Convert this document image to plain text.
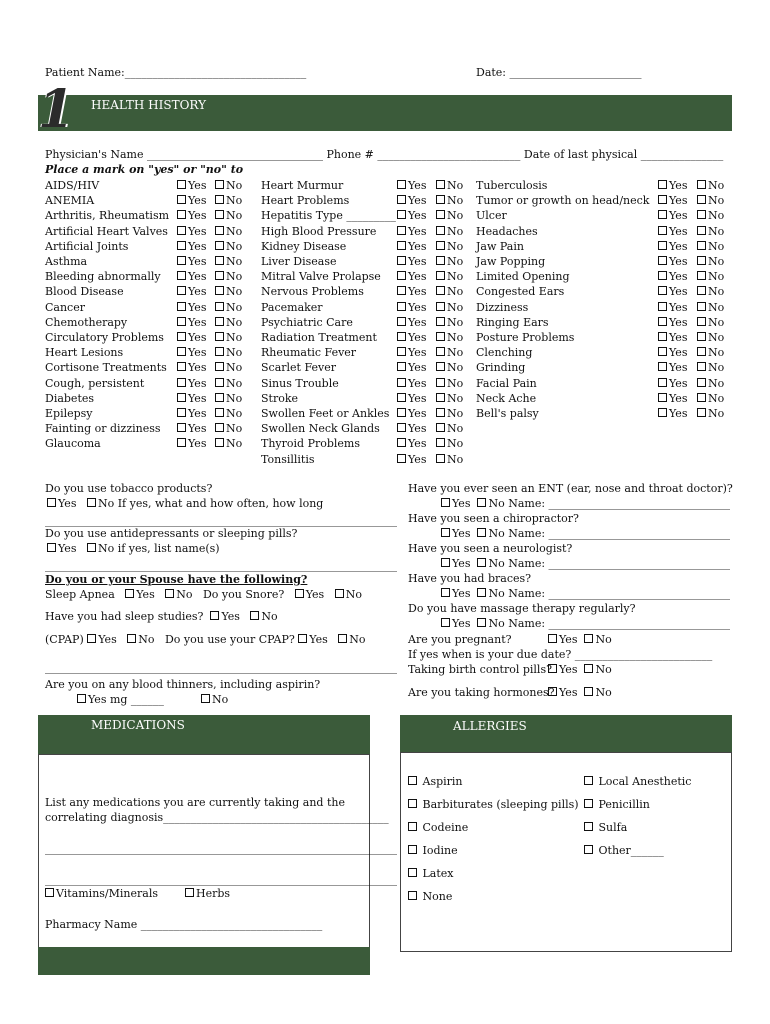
Patient Name:_________________________________	Date: ________________________
1 HEALTH HISTORY
Physician's Name ________________________________ Phone # __________________________ Date of last physical _______________
Place a mark on "yes" or "no" to
AIDS/HIV	Yes	No
ANEMIA	Yes	No
Arthritis, Rheumatism	Yes	No
Artificial Heart Valves	Yes	No
Artificial Joints	Yes	No
Asthma	Yes	No
Bleeding abnormally	Yes	No
Blood Disease	Yes	No
Cancer	Yes	No
Chemotherapy	Yes	No
Circulatory Problems	Yes	No
Heart Lesions	Yes	No
Cortisone Treatments	Yes	No
Cough, persistent	Yes	No
Diabetes	Yes	No
Epilepsy	Yes	No
Fainting or dizziness	Yes	No
Glaucoma	Yes	No
Heart Murmur	Yes	No
Heart Problems	Yes	No
Hepatitis Type _________	Yes	No
High Blood Pressure	Yes	No
Kidney Disease	Yes	No
Liver Disease	Yes	No
Mitral Valve Prolapse	Yes	No
Nervous Problems	Yes	No
Pacemaker	Yes	No
Psychiatric Care	Yes	No
Radiation Treatment	Yes	No
Rheumatic Fever	Yes	No
Scarlet Fever	Yes	No
Sinus Trouble	Yes	No
Stroke	Yes	No
Swollen Feet or Ankles	Yes	No
Swollen Neck Glands	Yes	No
Thyroid Problems	Yes	No
Tonsillitis	Yes	No
Tuberculosis	Yes	No
Tumor or growth on head/neck	Yes	No
Ulcer	Yes	No
Headaches	Yes	No
Jaw Pain	Yes	No
Jaw Popping	Yes	No
Limited Opening	Yes	No
Congested Ears	Yes	No
Dizziness	Yes	No
Ringing Ears	Yes	No
Posture Problems	Yes	No
Clenching	Yes	No
Grinding	Yes	No
Facial Pain	Yes	No
Neck Ache	Yes	No
Bell's palsy	Yes	No
Do you use tobacco products?
Yes No If yes, what and how often, how long
________________________________________________________________
Do you use antidepressants or sleeping pills?
Yes No if yes, list name(s)
________________________________________________________________
Do you or your Spouse have the following?
Sleep Apnea Yes No Do you Snore? Yes No
Have you had sleep studies? Yes No
(CPAP) Yes No Do you use your CPAP? Yes No
________________________________________________________________
Are you on any blood thinners, including aspirin?
Yes mg ______	No
Have you ever seen an ENT (ear, nose and throat doctor)?
Yes No Name: _________________________________
Have you seen a chiropractor?
Yes No Name: _________________________________
Have you seen a neurologist?
Yes No Name: _________________________________
Have you had braces?
Yes No Name: _________________________________
Do you have massage therapy regularly?
Yes No Name: _________________________________
Are you pregnant?	Yes No
If yes when is your due date? _________________________
Taking birth control pills? Yes No
Are you taking hormones? Yes No
MEDICATIONS
List any medications you are currently taking and the
correlating diagnosis_________________________________________
________________________________________________________________
________________________________________________________________
Vitamins/Minerals	Herbs
Pharmacy Name _________________________________
ALLERGIES
Aspirin
Barbiturates (sleeping pills)
Codeine
Iodine
Latex
None
Local Anesthetic
Penicillin
Sulfa
Other______
